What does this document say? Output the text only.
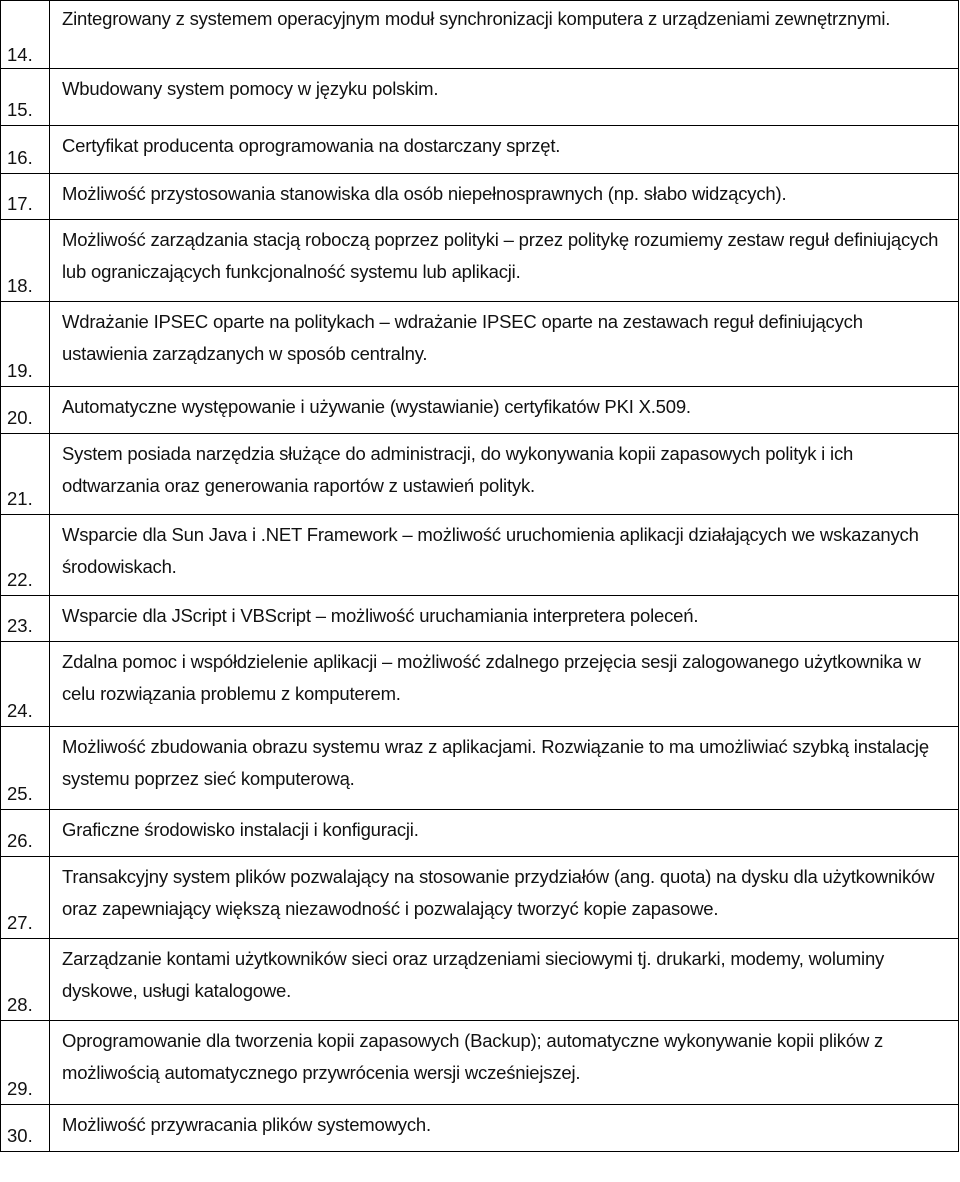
14.	Zintegrowany z systemem operacyjnym moduł synchronizacji komputera z urządzeniami zewnętrznymi.
15.	Wbudowany system pomocy w języku polskim.
16.	Certyfikat producenta oprogramowania na dostarczany sprzęt.
17.	Możliwość przystosowania stanowiska dla osób niepełnosprawnych (np. słabo widzących).
18.	Możliwość zarządzania stacją roboczą poprzez polityki – przez politykę rozumiemy zestaw reguł definiujących lub ograniczających funkcjonalność systemu lub aplikacji.
19.	Wdrażanie IPSEC oparte na politykach – wdrażanie IPSEC oparte na zestawach reguł definiujących ustawienia zarządzanych w sposób centralny.
20.	Automatyczne występowanie i używanie (wystawianie) certyfikatów PKI X.509.
21.	System posiada narzędzia służące do administracji, do wykonywania kopii zapasowych polityk i ich odtwarzania oraz generowania raportów z ustawień polityk.
22.	Wsparcie dla Sun Java i .NET Framework – możliwość uruchomienia aplikacji działających we wskazanych środowiskach.
23.	Wsparcie dla JScript i VBScript – możliwość uruchamiania interpretera poleceń.
24.	Zdalna pomoc i współdzielenie aplikacji – możliwość zdalnego przejęcia sesji zalogowanego użytkownika w celu rozwiązania problemu z komputerem.
25.	Możliwość zbudowania obrazu systemu wraz z aplikacjami. Rozwiązanie to ma umożliwiać szybką instalację systemu poprzez sieć komputerową.
26.	Graficzne środowisko instalacji i konfiguracji.
27.	Transakcyjny system plików pozwalający na stosowanie przydziałów (ang. quota) na dysku dla użytkowników oraz zapewniający większą niezawodność i pozwalający tworzyć kopie zapasowe.
28.	Zarządzanie kontami użytkowników sieci oraz urządzeniami sieciowymi tj. drukarki, modemy, woluminy dyskowe, usługi katalogowe.
29.	Oprogramowanie dla tworzenia kopii zapasowych (Backup); automatyczne wykonywanie kopii plików z możliwością automatycznego przywrócenia wersji wcześniejszej.
30.	Możliwość przywracania plików systemowych.
